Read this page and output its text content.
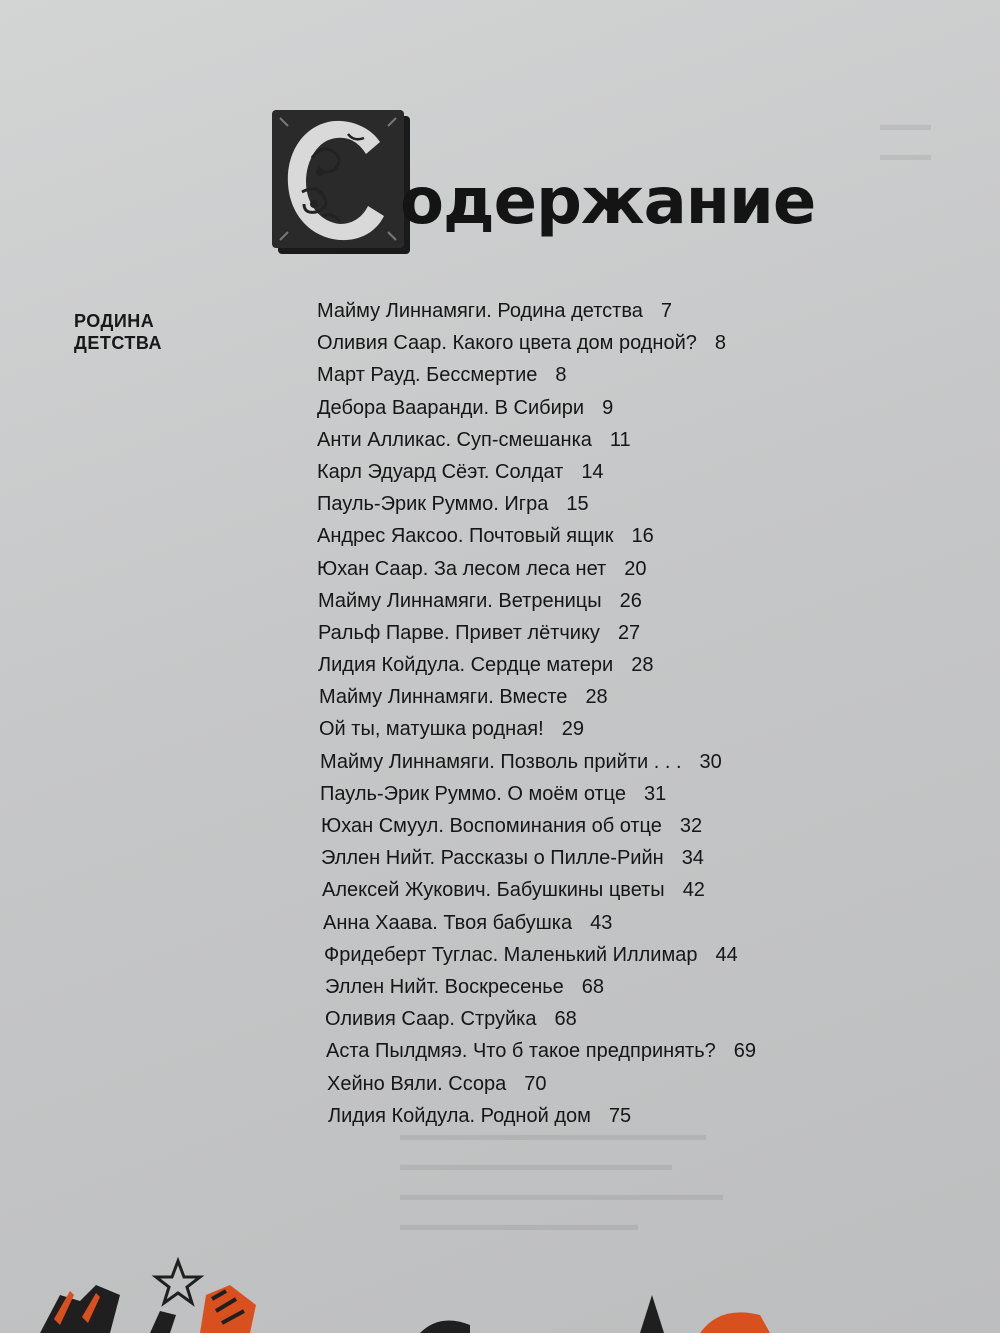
▬▬▬
▬▬▬
▬▬▬▬▬▬▬▬▬▬▬▬▬▬▬▬▬▬
▬▬▬▬▬▬▬▬▬▬▬▬▬▬▬▬
▬▬▬▬▬▬▬▬▬▬▬▬▬▬▬▬▬▬▬
▬▬▬▬▬▬▬▬▬▬▬▬▬▬
одержание
РОДИНА
ДЕТСТВА
Майму Линнамяги. Родина детства 7
Оливия Саар. Какого цвета дом родной? 8
Март Рауд. Бессмертие 8
Дебора Вааранди. В Сибири 9
Анти Алликас. Суп-смешанка 11
Карл Эдуард Сёэт. Солдат 14
Пауль-Эрик Руммо. Игра 15
Андрес Яаксоо. Почтовый ящик 16
Юхан Саар. За лесом леса нет 20
Майму Линнамяги. Ветреницы 26
Ральф Парве. Привет лётчику 27
Лидия Койдула. Сердце матери 28
Майму Линнамяги. Вместе 28
Ой ты, матушка родная! 29
Майму Линнамяги. Позволь прийти . . . 30
Пауль-Эрик Руммо. О моём отце 31
Юхан Смуул. Воспоминания об отце 32
Эллен Нийт. Рассказы о Пилле-Рийн 34
Алексей Жукович. Бабушкины цветы 42
Анна Хаава. Твоя бабушка 43
Фридеберт Туглас. Маленький Иллимар 44
Эллен Нийт. Воскресенье 68
Оливия Саар. Струйка 68
Аста Пылдмяэ. Что б такое предпринять? 69
Хейно Вяли. Ссора 70
Лидия Койдула. Родной дом 75
